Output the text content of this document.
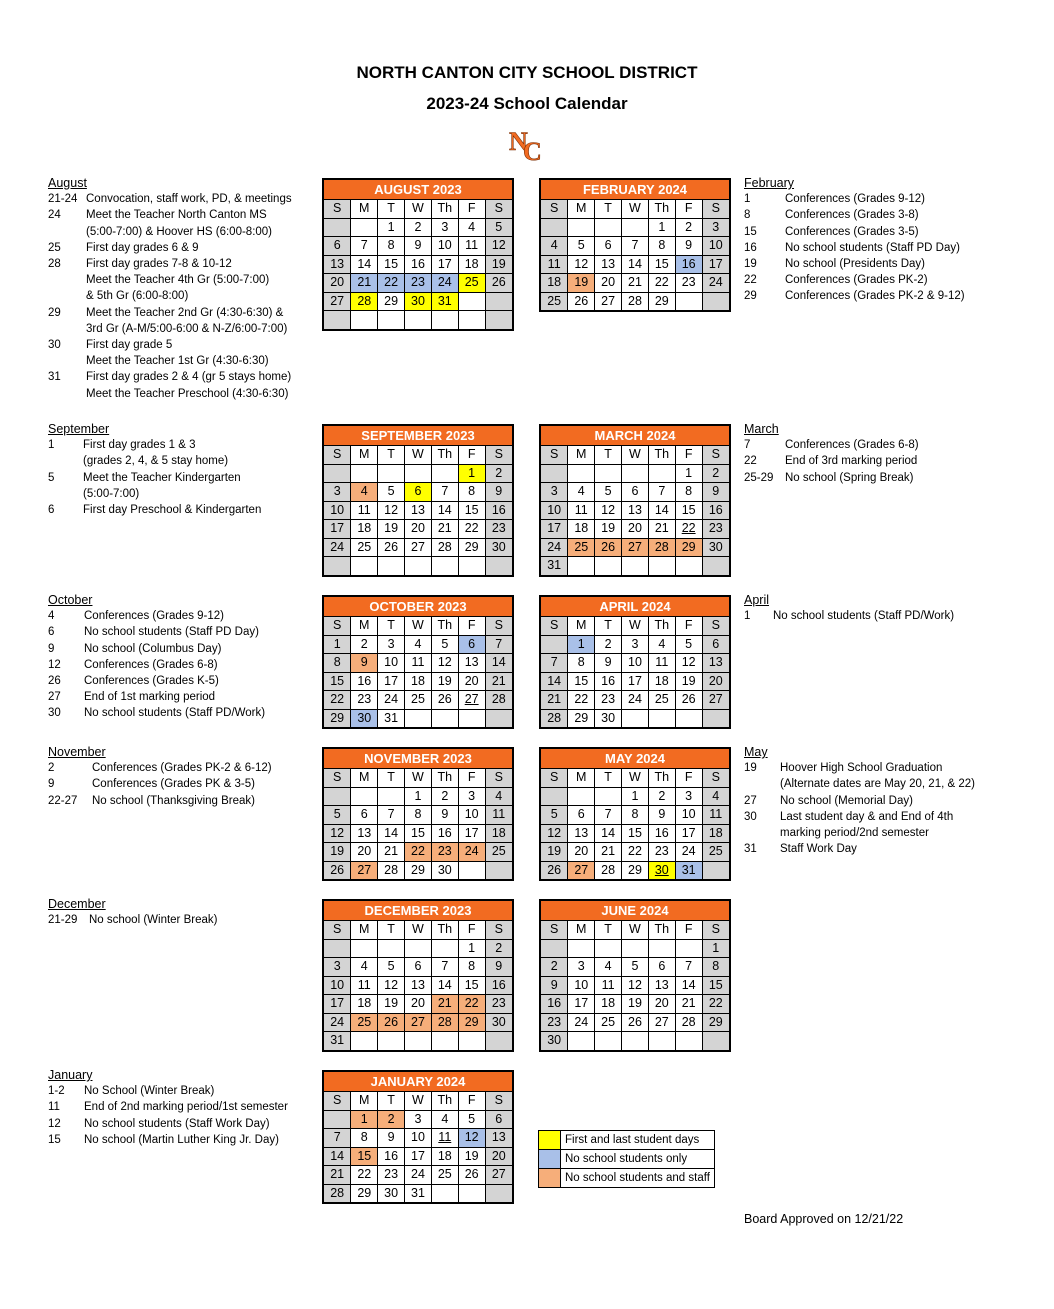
NORTH CANTON CITY SCHOOL DISTRICT
2023-24 School Calendar
N
C
August
21-24 Convocation, staff work, PD, & meetings
24	Meet the Teacher North Canton MS
(5:00-7:00) & Hoover HS (6:00-8:00)
25	First day grades 6 & 9
28	First day grades 7-8 & 10-12
Meet the Teacher 4th Gr (5:00-7:00)
& 5th Gr (6:00-8:00)
29	Meet the Teacher 2nd Gr (4:30-6:30) &
3rd Gr (A-M/5:00-6:00 & N-Z/6:00-7:00)
30	First day grade 5
Meet the Teacher 1st Gr (4:30-6:30)
31	First day grades 2 & 4 (gr 5 stays home)
Meet the Teacher Preschool (4:30-6:30)
September
1	First day grades 1 & 3
(grades 2, 4, & 5 stay home)
5	Meet the Teacher Kindergarten
(5:00-7:00)
6	First day Preschool & Kindergarten
October
4	Conferences (Grades 9-12)
6	No school students (Staff PD Day)
9	No school (Columbus Day)
12	Conferences (Grades 6-8)
26	Conferences (Grades K-5)
27	End of 1st marking period
30	No school students (Staff PD/Work)
November
2	Conferences (Grades PK-2 & 6-12)
9	Conferences (Grades PK & 3-5)
22-27	No school (Thanksgiving Break)
December
21-29	No school (Winter Break)
January
1-2	No School (Winter Break)
11	End of 2nd marking period/1st semester
12	No school students (Staff Work Day)
15	No school (Martin Luther King Jr. Day)
February
1	Conferences (Grades 9-12)
8	Conferences (Grades 3-8)
15	Conferences (Grades 3-5)
16	No school students (Staff PD Day)
19	No school (Presidents Day)
22	Conferences (Grades PK-2)
29	Conferences (Grades PK-2 & 9-12)
March
7	Conferences (Grades 6-8)
22	End of 3rd marking period
25-29	No school (Spring Break)
April
1	No school students (Staff PD/Work)
May
19	Hoover High School Graduation
(Alternate dates are May 20, 21, & 22)
27	No school (Memorial Day)
30	Last student day & and End of 4th
marking period/2nd semester
31	Staff Work Day
AUGUST 2023
S	M	T	W	Th	F	S
		1	2	3	4	5
6	7	8	9	10	11	12
13	14	15	16	17	18	19
20	21	22	23	24	25	26
27	28	29	30	31		

FEBRUARY 2024
S	M	T	W	Th	F	S
				1	2	3
4	5	6	7	8	9	10
11	12	13	14	15	16	17
18	19	20	21	22	23	24
25	26	27	28	29		
SEPTEMBER 2023
S	M	T	W	Th	F	S
					1	2
3	4	5	6	7	8	9
10	11	12	13	14	15	16
17	18	19	20	21	22	23
24	25	26	27	28	29	30

MARCH 2024
S	M	T	W	Th	F	S
					1	2
3	4	5	6	7	8	9
10	11	12	13	14	15	16
17	18	19	20	21	22	23
24	25	26	27	28	29	30
31						
OCTOBER 2023
S	M	T	W	Th	F	S
1	2	3	4	5	6	7
8	9	10	11	12	13	14
15	16	17	18	19	20	21
22	23	24	25	26	27	28
29	30	31				
APRIL 2024
S	M	T	W	Th	F	S
	1	2	3	4	5	6
7	8	9	10	11	12	13
14	15	16	17	18	19	20
21	22	23	24	25	26	27
28	29	30				
NOVEMBER 2023
S	M	T	W	Th	F	S
			1	2	3	4
5	6	7	8	9	10	11
12	13	14	15	16	17	18
19	20	21	22	23	24	25
26	27	28	29	30		
MAY 2024
S	M	T	W	Th	F	S
			1	2	3	4
5	6	7	8	9	10	11
12	13	14	15	16	17	18
19	20	21	22	23	24	25
26	27	28	29	30	31	
DECEMBER 2023
S	M	T	W	Th	F	S
					1	2
3	4	5	6	7	8	9
10	11	12	13	14	15	16
17	18	19	20	21	22	23
24	25	26	27	28	29	30
31						
JUNE 2024
S	M	T	W	Th	F	S
						1
2	3	4	5	6	7	8
9	10	11	12	13	14	15
16	17	18	19	20	21	22
23	24	25	26	27	28	29
30						
JANUARY 2024
S	M	T	W	Th	F	S
	1	2	3	4	5	6
7	8	9	10	11	12	13
14	15	16	17	18	19	20
21	22	23	24	25	26	27
28	29	30	31			
	First and last student days
	No school students only
	No school students and staff
Board Approved on 12/21/22
